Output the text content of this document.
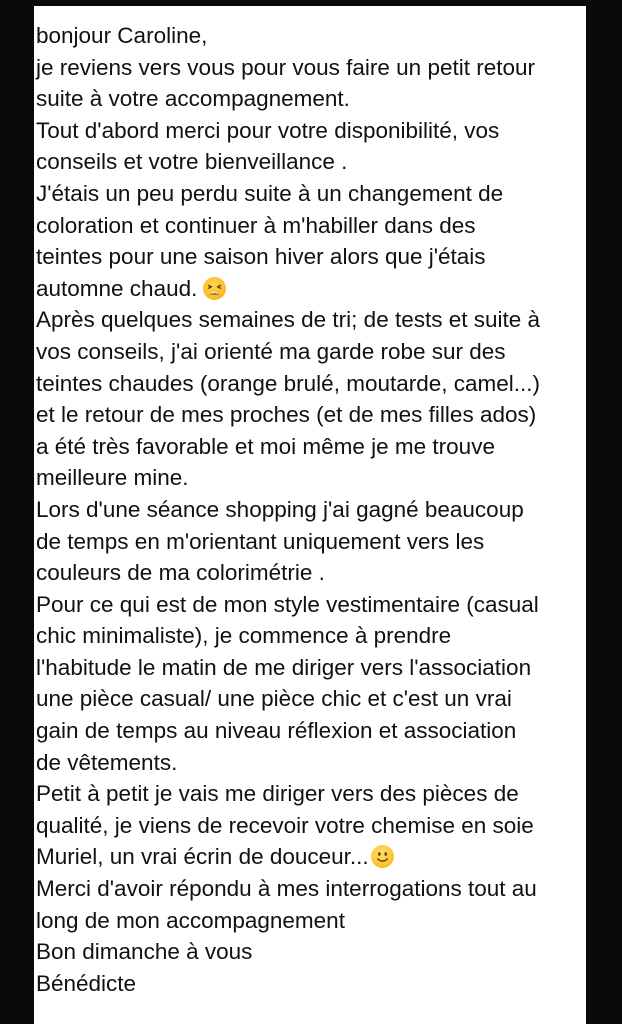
bonjour Caroline,
je reviens vers vous pour vous faire un petit retour
suite à votre accompagnement.
Tout d'abord merci pour votre disponibilité, vos
conseils et votre bienveillance .
J'étais un peu perdu suite à un changement de
coloration et continuer à m'habiller dans des
teintes pour une saison hiver alors que j'étais
automne chaud.
Après quelques semaines de tri; de tests et suite à
vos conseils, j'ai orienté ma garde robe sur des
teintes chaudes (orange brulé, moutarde, camel...)
et le retour de mes proches (et de mes filles ados)
a été très favorable et moi même je me trouve
meilleure mine.
Lors d'une séance shopping j'ai gagné beaucoup
de temps en m'orientant uniquement vers les
couleurs de ma colorimétrie .
Pour ce qui est de mon style vestimentaire (casual
chic minimaliste), je commence à prendre
l'habitude le matin de me diriger vers l'association
une pièce casual/ une pièce chic et c'est un vrai
gain de temps au niveau réflexion et association
de vêtements.
Petit à petit je vais me diriger vers des pièces de
qualité, je viens de recevoir votre chemise en soie
Muriel, un vrai écrin de douceur...
Merci d'avoir répondu à mes interrogations tout au
long de mon accompagnement
Bon dimanche à vous
Bénédicte
